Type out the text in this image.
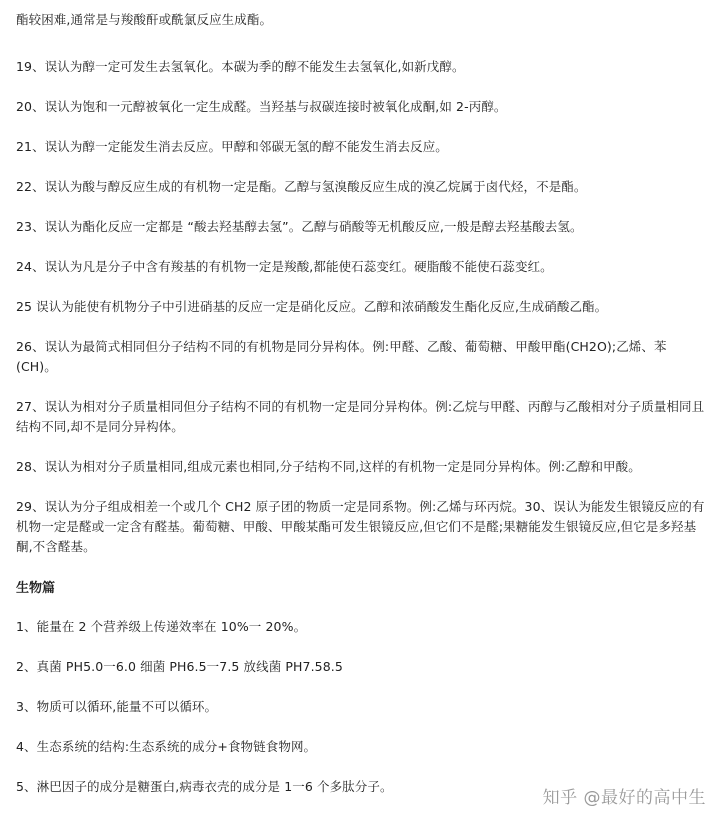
酯较困难,通常是与羧酸酐或酰氯反应生成酯。

19、误认为醇一定可发生去氢氧化。本碳为季的醇不能发生去氢氧化,如新戊醇。

20、误认为饱和一元醇被氧化一定生成醛。当羟基与叔碳连接时被氧化成酮,如 2-丙醇。

21、误认为醇一定能发生消去反应。甲醇和邻碳无氢的醇不能发生消去反应。

22、误认为酸与醇反应生成的有机物一定是酯。乙醇与氢溴酸反应生成的溴乙烷属于卤代烃，不是酯。

23、误认为酯化反应一定都是 “酸去羟基醇去氢”。乙醇与硝酸等无机酸反应,一般是醇去羟基酸去氢。

24、误认为凡是分子中含有羧基的有机物一定是羧酸,都能使石蕊变红。硬脂酸不能使石蕊变红。

25 误认为能使有机物分子中引进硝基的反应一定是硝化反应。乙醇和浓硝酸发生酯化反应,生成硝酸乙酯。

26、误认为最简式相同但分子结构不同的有机物是同分异构体。例:甲醛、乙酸、葡萄糖、甲酸甲酯(CH2O);乙烯、苯(CH)。

27、误认为相对分子质量相同但分子结构不同的有机物一定是同分异构体。例:乙烷与甲醛、丙醇与乙酸相对分子质量相同且结构不同,却不是同分异构体。

28、误认为相对分子质量相同,组成元素也相同,分子结构不同,这样的有机物一定是同分异构体。例:乙醇和甲酸。

29、误认为分子组成相差一个或几个 CH2 原子团的物质一定是同系物。例:乙烯与环丙烷。30、误认为能发生银镜反应的有机物一定是醛或一定含有醛基。葡萄糖、甲酸、甲酸某酯可发生银镜反应,但它们不是醛;果糖能发生银镜反应,但它是多羟基酮,不含醛基。

生物篇

1、能量在 2 个营养级上传递效率在 10%一 20%。

2、真菌 PH5.0一6.0 细菌 PH6.5一7.5 放线菌 PH7.58.5

3、物质可以循环,能量不可以循环。

4、生态系统的结构:生态系统的成分+食物链食物网。

5、淋巴因子的成分是糖蛋白,病毒衣壳的成分是 1一6 个多肽分子。

知乎 @最好的高中生
